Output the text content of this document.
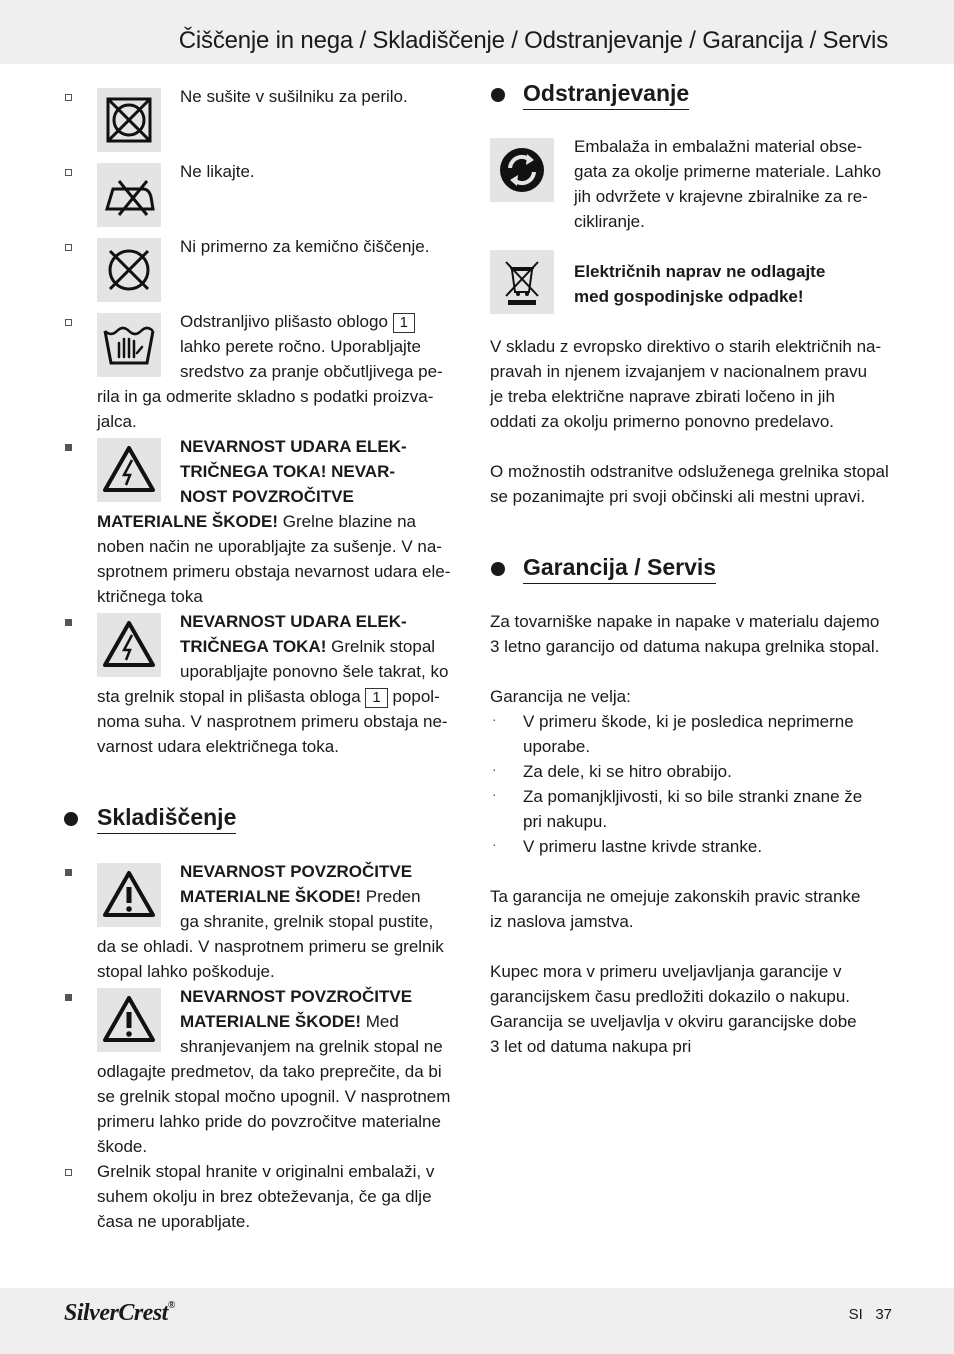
Čiščenje in nega / Skladiščenje / Odstranjevanje / Garancija / Servis

Ne sušite v sušilniku za perilo.

Ne likajte.

Ni primerno za kemično čiščenje.

Odstranljivo plišasto oblogo 1

lahko perete ročno. Uporabljajte

sredstvo za pranje občutljivega pe-

rila in ga odmerite skladno s podatki proizva-

jalca.

NEVARNOST UDARA ELEK-

TRIČNEGA TOKA! NEVAR-

NOST POVZROČITVE

MATERIALNE ŠKODE! Grelne blazine na

noben način ne uporabljajte za sušenje. V na-

sprotnem primeru obstaja nevarnost udara ele-

ktričnega toka

NEVARNOST UDARA ELEK-

TRIČNEGA TOKA! Grelnik stopal

uporabljajte ponovno šele takrat, ko

sta grelnik stopal in plišasta obloga 1 popol-

noma suha. V nasprotnem primeru obstaja ne-

varnost udara električnega toka.

Skladiščenje

NEVARNOST POVZROČITVE

MATERIALNE ŠKODE! Preden

ga shranite, grelnik stopal pustite,

da se ohladi. V nasprotnem primeru se grelnik

stopal lahko poškoduje.

NEVARNOST POVZROČITVE

MATERIALNE ŠKODE! Med

shranjevanjem na grelnik stopal ne

odlagajte predmetov, da tako preprečite, da bi

se grelnik stopal močno upognil. V nasprotnem

primeru lahko pride do povzročitve materialne

škode.

Grelnik stopal hranite v originalni embalaži, v

suhem okolju in brez obteževanja, če ga dlje

časa ne uporabljate.

Odstranjevanje

Embalaža in embalažni material obse-

gata za okolje primerne materiale. Lahko

jih odvržete v krajevne zbiralnike za re-

cikliranje.

Električnih naprav ne odlagajte

med gospodinjske odpadke!

V skladu z evropsko direktivo o starih električnih na-

pravah in njenem izvajanjem v nacionalnem pravu

je treba električne naprave zbirati ločeno in jih

oddati za okolju primerno ponovno predelavo.

O možnostih odstranitve odsluženega grelnika stopal

se pozanimajte pri svoji občinski ali mestni upravi.

Garancija / Servis

Za tovarniške napake in napake v materialu dajemo

3 letno garancijo od datuma nakupa grelnika stopal.

Garancija ne velja:

· V primeru škode, ki je posledica neprimerne

uporabe.

· Za dele, ki se hitro obrabijo.

· Za pomanjkljivosti, ki so bile stranki znane že

pri nakupu.

· V primeru lastne krivde stranke.

Ta garancija ne omejuje zakonskih pravic stranke

iz naslova jamstva.

Kupec mora v primeru uveljavljanja garancije v

garancijskem času predložiti dokazilo o nakupu.

Garancija se uveljavlja v okviru garancijske dobe

3 let od datuma nakupa pri

SilverCrest®
SI 37
